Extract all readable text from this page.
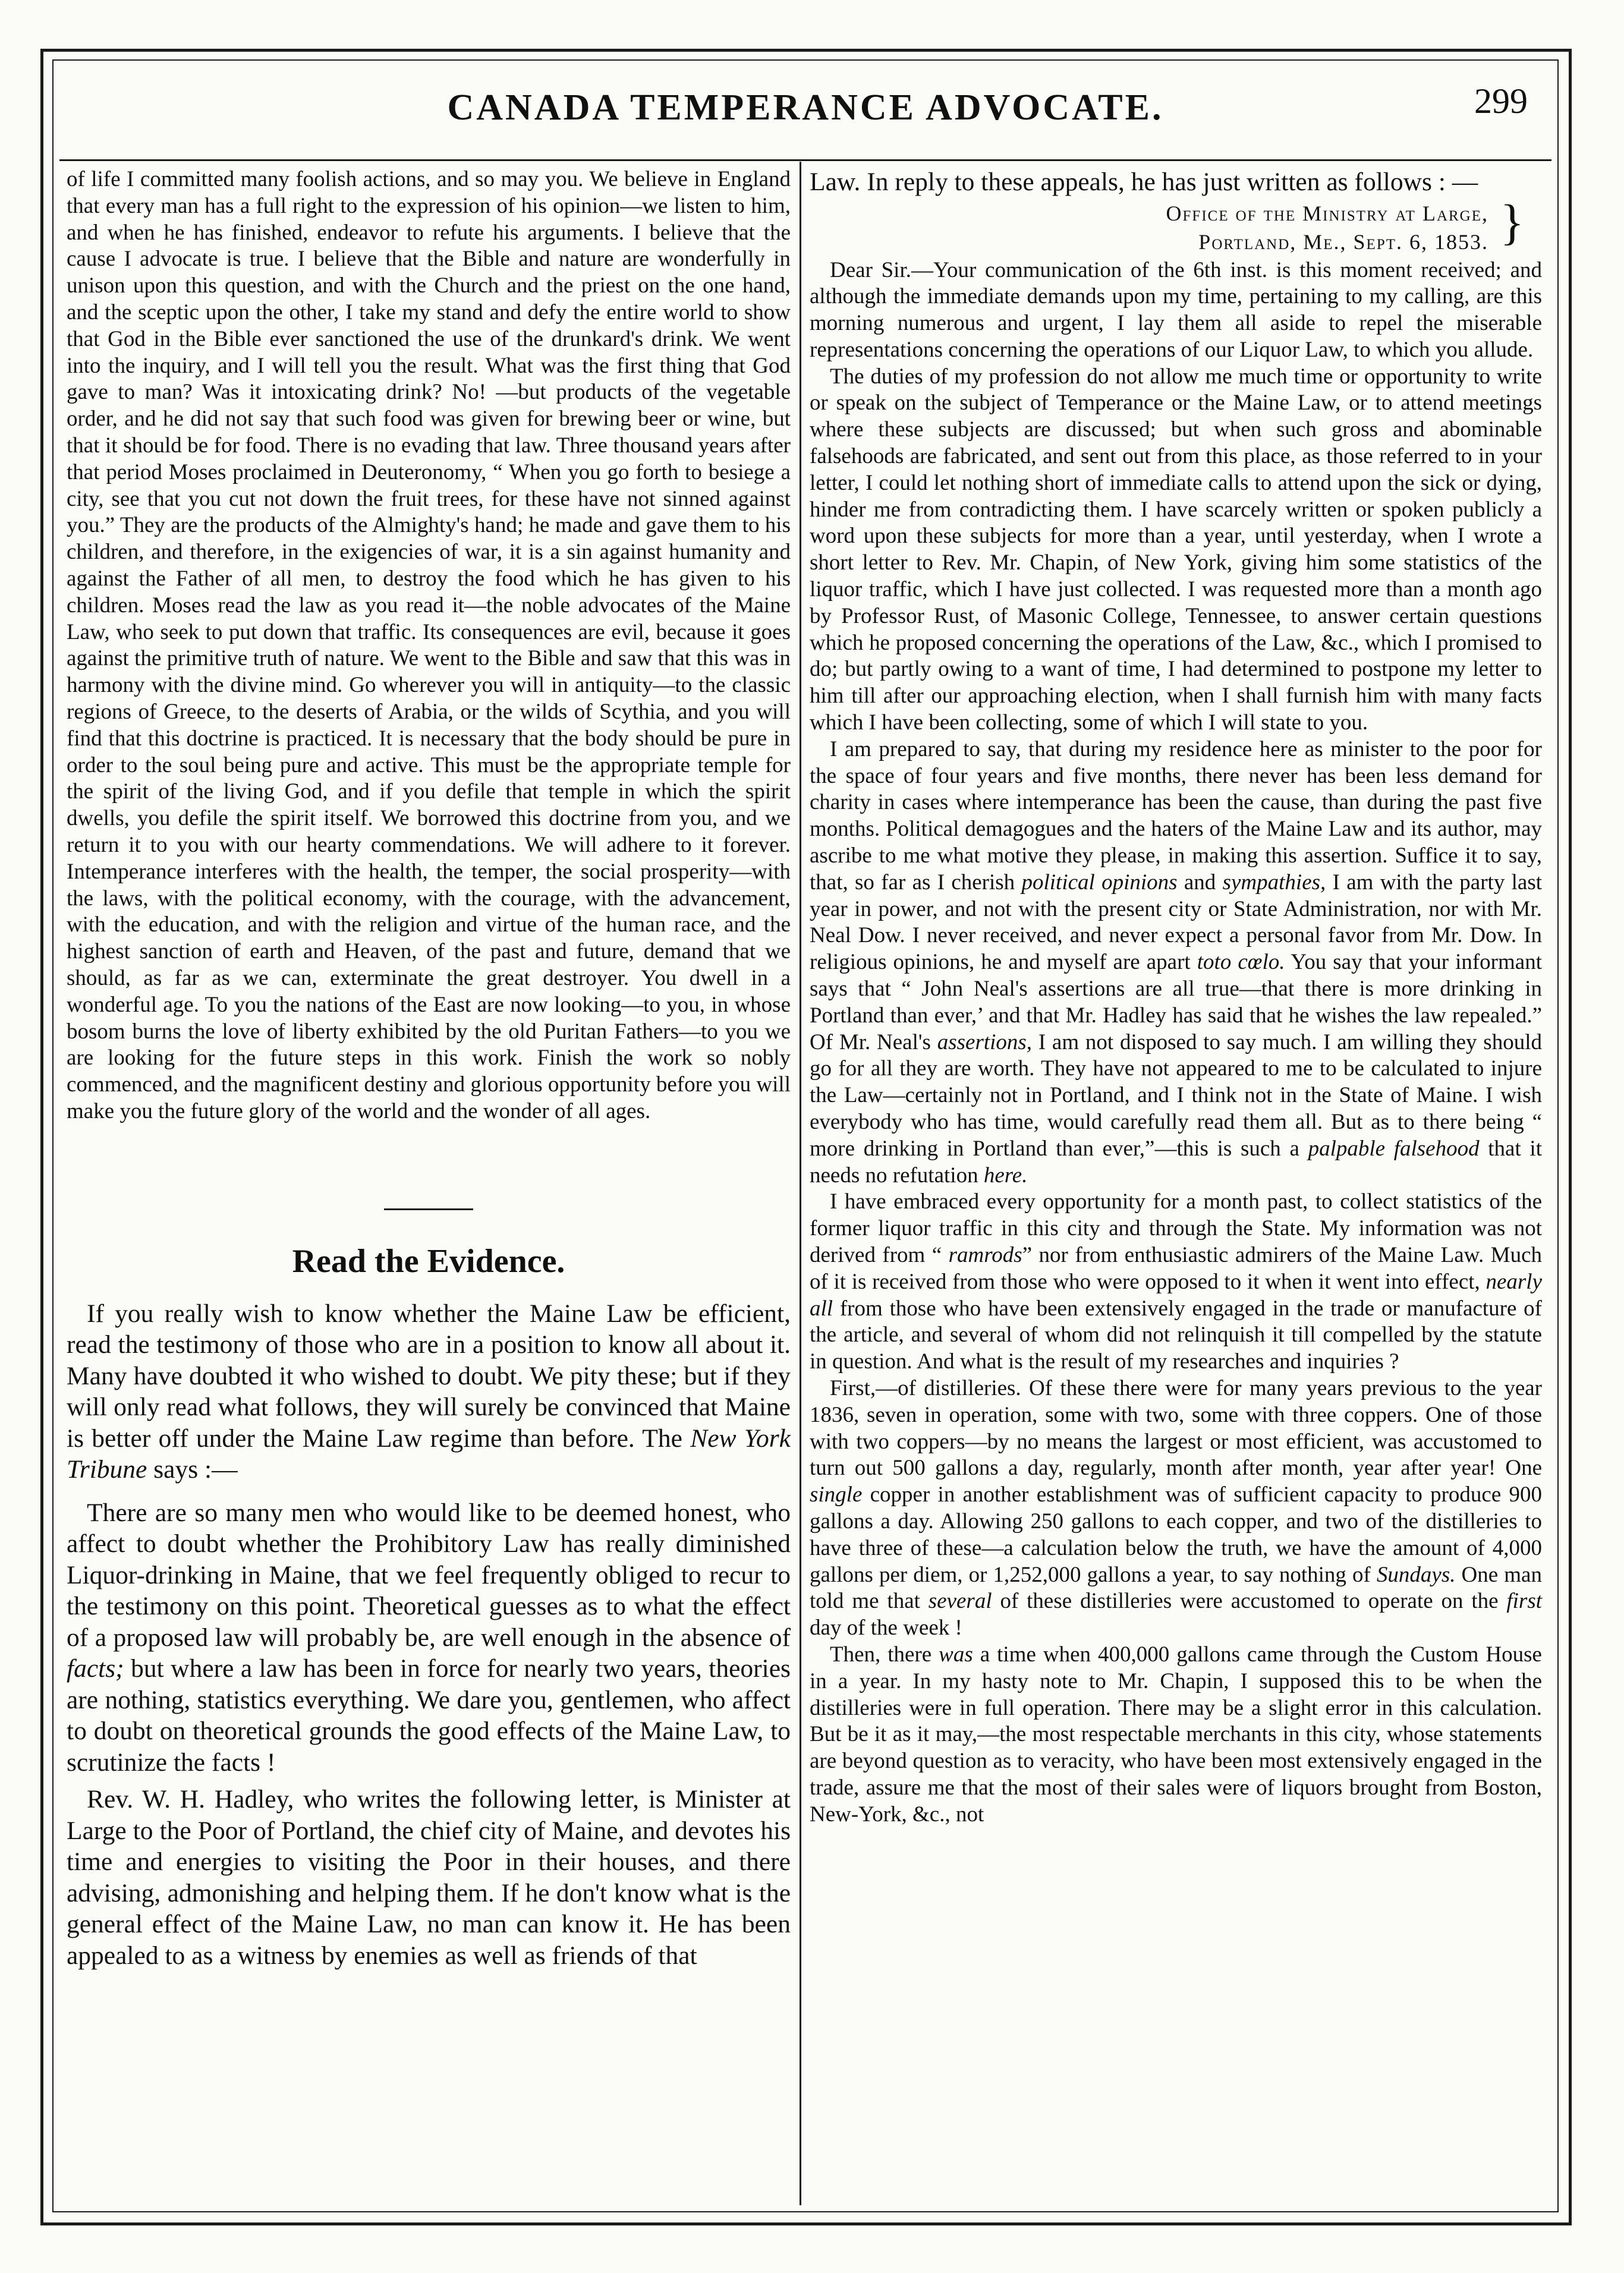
CANADA TEMPERANCE ADVOCATE.	299

of life I committed many foolish actions, and so may you. We believe in England that every man has a full right to the expression of his opinion—we listen to him, and when he has finished, endeavor to refute his arguments. I believe that the cause I advocate is true. I believe that the Bible and nature are wonderfully in unison upon this question, and with the Church and the priest on the one hand, and the sceptic upon the other, I take my stand and defy the entire world to show that God in the Bible ever sanctioned the use of the drunkard's drink. We went into the inquiry, and I will tell you the result. What was the first thing that God gave to man? Was it intoxicating drink? No! —but products of the vegetable order, and he did not say that such food was given for brewing beer or wine, but that it should be for food. There is no evading that law. Three thousand years after that period Moses proclaimed in Deuteronomy, “ When you go forth to besiege a city, see that you cut not down the fruit trees, for these have not sinned against you.” They are the products of the Almighty's hand; he made and gave them to his children, and therefore, in the exigencies of war, it is a sin against humanity and against the Father of all men, to destroy the food which he has given to his children. Moses read the law as you read it—the noble advocates of the Maine Law, who seek to put down that traffic. Its consequences are evil, because it goes against the primitive truth of nature. We went to the Bible and saw that this was in harmony with the divine mind. Go wherever you will in antiquity—to the classic regions of Greece, to the deserts of Arabia, or the wilds of Scythia, and you will find that this doctrine is practiced. It is necessary that the body should be pure in order to the soul being pure and active. This must be the appropriate temple for the spirit of the living God, and if you defile that temple in which the spirit dwells, you defile the spirit itself. We borrowed this doctrine from you, and we return it to you with our hearty commendations. We will adhere to it forever. Intemperance interferes with the health, the temper, the social prosperity—with the laws, with the political economy, with the courage, with the advancement, with the education, and with the religion and virtue of the human race, and the highest sanction of earth and Heaven, of the past and future, demand that we should, as far as we can, exterminate the great destroyer. You dwell in a wonderful age. To you the nations of the East are now looking—to you, in whose bosom burns the love of liberty exhibited by the old Puritan Fathers—to you we are looking for the future steps in this work. Finish the work so nobly commenced, and the magnificent destiny and glorious opportunity before you will make you the future glory of the world and the wonder of all ages.

Read the Evidence.

If you really wish to know whether the Maine Law be efficient, read the testimony of those who are in a position to know all about it. Many have doubted it who wished to doubt. We pity these; but if they will only read what follows, they will surely be convinced that Maine is better off under the Maine Law regime than before. The New York Tribune says :—

There are so many men who would like to be deemed honest, who affect to doubt whether the Prohibitory Law has really diminished Liquor-drinking in Maine, that we feel frequently obliged to recur to the testimony on this point. Theoretical guesses as to what the effect of a proposed law will probably be, are well enough in the absence of facts; but where a law has been in force for nearly two years, theories are nothing, statistics everything. We dare you, gentlemen, who affect to doubt on theoretical grounds the good effects of the Maine Law, to scrutinize the facts !

Rev. W. H. Hadley, who writes the following letter, is Minister at Large to the Poor of Portland, the chief city of Maine, and devotes his time and energies to visiting the Poor in their houses, and there advising, admonishing and helping them. If he don't know what is the general effect of the Maine Law, no man can know it. He has been appealed to as a witness by enemies as well as friends of that

Law. In reply to these appeals, he has just written as follows : —

Office of the Ministry at Large,
Portland, Me., Sept. 6, 1853. }

Dear Sir.—Your communication of the 6th inst. is this moment received; and although the immediate demands upon my time, pertaining to my calling, are this morning numerous and urgent, I lay them all aside to repel the miserable representations concerning the operations of our Liquor Law, to which you allude.

The duties of my profession do not allow me much time or opportunity to write or speak on the subject of Temperance or the Maine Law, or to attend meetings where these subjects are discussed; but when such gross and abominable falsehoods are fabricated, and sent out from this place, as those referred to in your letter, I could let nothing short of immediate calls to attend upon the sick or dying, hinder me from contradicting them. I have scarcely written or spoken publicly a word upon these subjects for more than a year, until yesterday, when I wrote a short letter to Rev. Mr. Chapin, of New York, giving him some statistics of the liquor traffic, which I have just collected. I was requested more than a month ago by Professor Rust, of Masonic College, Tennessee, to answer certain questions which he proposed concerning the operations of the Law, &c., which I promised to do; but partly owing to a want of time, I had determined to postpone my letter to him till after our approaching election, when I shall furnish him with many facts which I have been collecting, some of which I will state to you.

I am prepared to say, that during my residence here as minister to the poor for the space of four years and five months, there never has been less demand for charity in cases where intemperance has been the cause, than during the past five months. Political demagogues and the haters of the Maine Law and its author, may ascribe to me what motive they please, in making this assertion. Suffice it to say, that, so far as I cherish political opinions and sympathies, I am with the party last year in power, and not with the present city or State Administration, nor with Mr. Neal Dow. I never received, and never expect a personal favor from Mr. Dow. In religious opinions, he and myself are apart toto cœlo. You say that your informant says that “ John Neal's assertions are all true—that there is more drinking in Portland than ever,’ and that Mr. Hadley has said that he wishes the law repealed.” Of Mr. Neal's assertions, I am not disposed to say much. I am willing they should go for all they are worth. They have not appeared to me to be calculated to injure the Law—certainly not in Portland, and I think not in the State of Maine. I wish everybody who has time, would carefully read them all. But as to there being “ more drinking in Portland than ever,”—this is such a palpable falsehood that it needs no refutation here.

I have embraced every opportunity for a month past, to collect statistics of the former liquor traffic in this city and through the State. My information was not derived from “ ramrods” nor from enthusiastic admirers of the Maine Law. Much of it is received from those who were opposed to it when it went into effect, nearly all from those who have been extensively engaged in the trade or manufacture of the article, and several of whom did not relinquish it till compelled by the statute in question. And what is the result of my researches and inquiries ?

First,—of distilleries. Of these there were for many years previous to the year 1836, seven in operation, some with two, some with three coppers. One of those with two coppers—by no means the largest or most efficient, was accustomed to turn out 500 gallons a day, regularly, month after month, year after year! One single copper in another establishment was of sufficient capacity to produce 900 gallons a day. Allowing 250 gallons to each copper, and two of the distilleries to have three of these—a calculation below the truth, we have the amount of 4,000 gallons per diem, or 1,252,000 gallons a year, to say nothing of Sundays. One man told me that several of these distilleries were accustomed to operate on the first day of the week !

Then, there was a time when 400,000 gallons came through the Custom House in a year. In my hasty note to Mr. Chapin, I supposed this to be when the distilleries were in full operation. There may be a slight error in this calculation. But be it as it may,—the most respectable merchants in this city, whose statements are beyond question as to veracity, who have been most extensively engaged in the trade, assure me that the most of their sales were of liquors brought from Boston, New-York, &c., not
